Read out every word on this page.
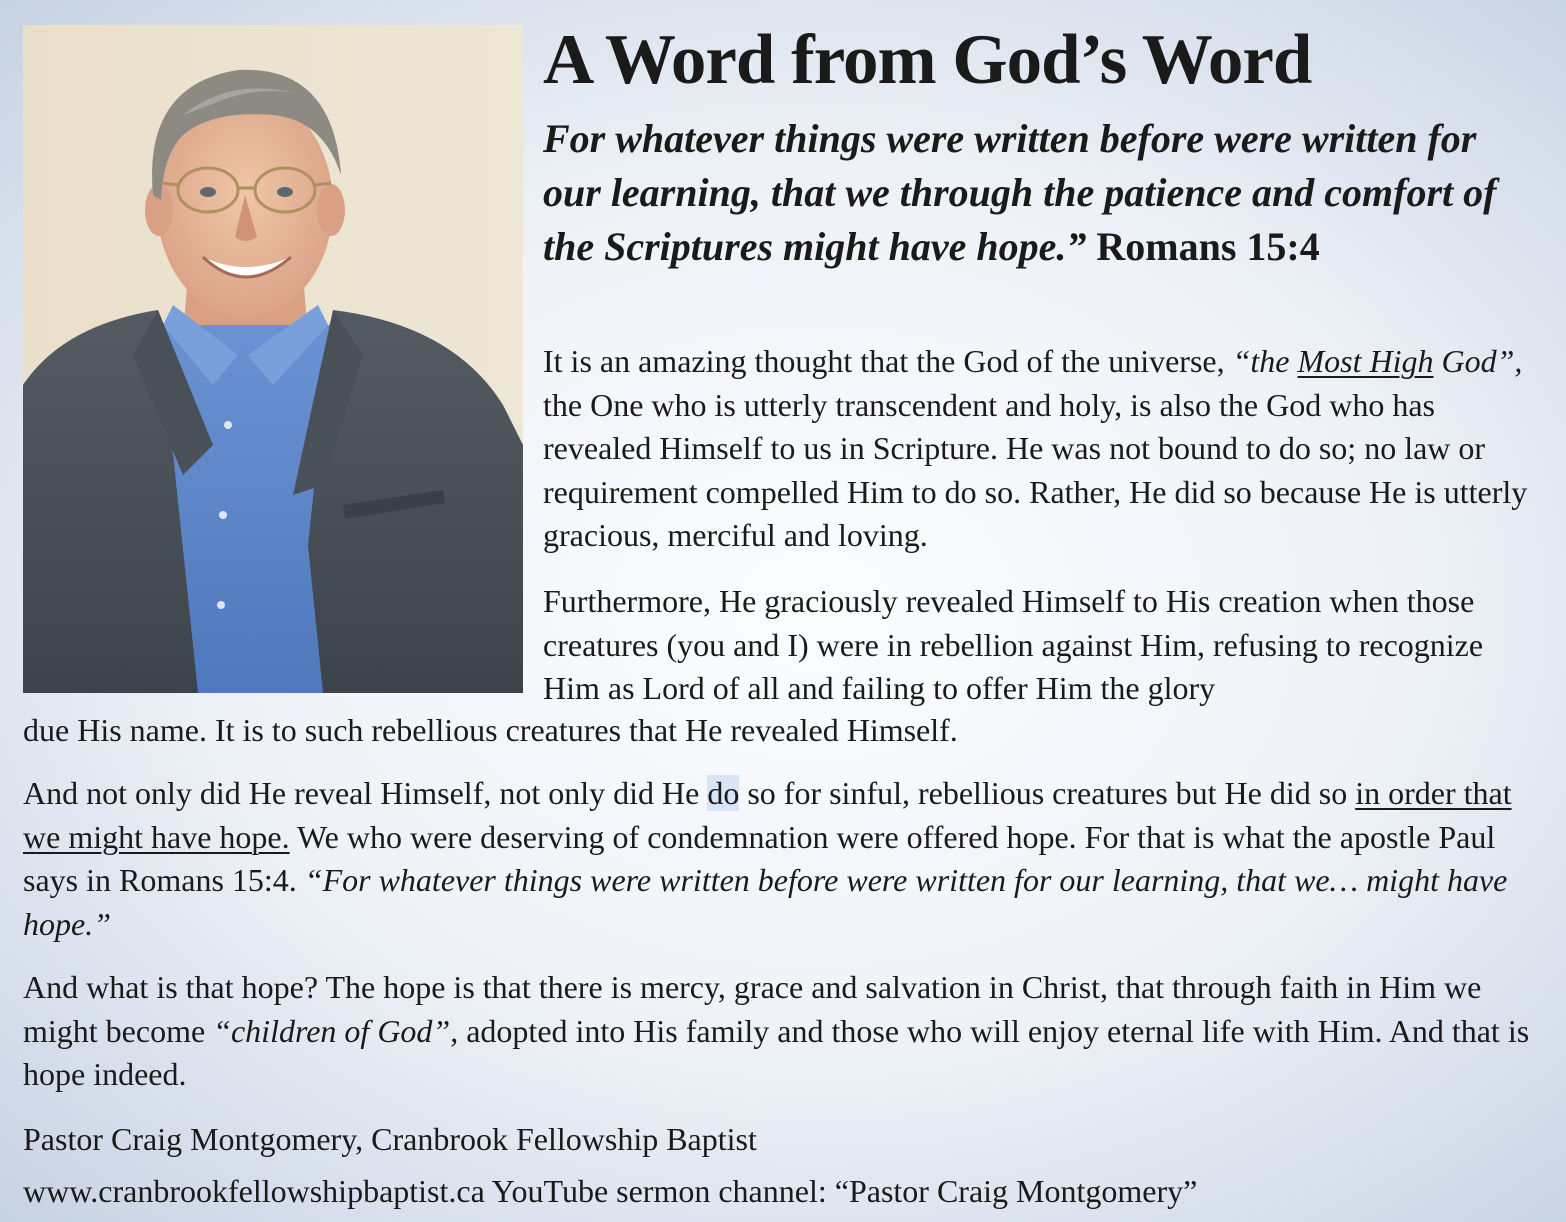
A Word from God’s Word

For whatever things were written before were written for our learning, that we through the patience and comfort of the Scriptures might have hope.” Romans 15:4

It is an amazing thought that the God of the universe, “the Most High God”, the One who is utterly transcendent and holy, is also the God who has revealed Himself to us in Scripture. He was not bound to do so; no law or requirement compelled Him to do so. Rather, He did so because He is utterly gracious, merciful and loving.

Furthermore, He graciously revealed Himself to His creation when those creatures (you and I) were in rebellion against Him, refusing to recognize Him as Lord of all and failing to offer Him the glory

due His name. It is to such rebellious creatures that He revealed Himself.

And not only did He reveal Himself, not only did He do so for sinful, rebellious creatures but He did so in order that we might have hope. We who were deserving of condemnation were offered hope. For that is what the apostle Paul says in Romans 15:4. “For whatever things were written before were written for our learning, that we… might have hope.”

And what is that hope? The hope is that there is mercy, grace and salvation in Christ, that through faith in Him we might become “children of God”, adopted into His family and those who will enjoy eternal life with Him. And that is hope indeed.

Pastor Craig Montgomery, Cranbrook Fellowship Baptist

www.cranbrookfellowshipbaptist.ca YouTube sermon channel: “Pastor Craig Montgomery”
